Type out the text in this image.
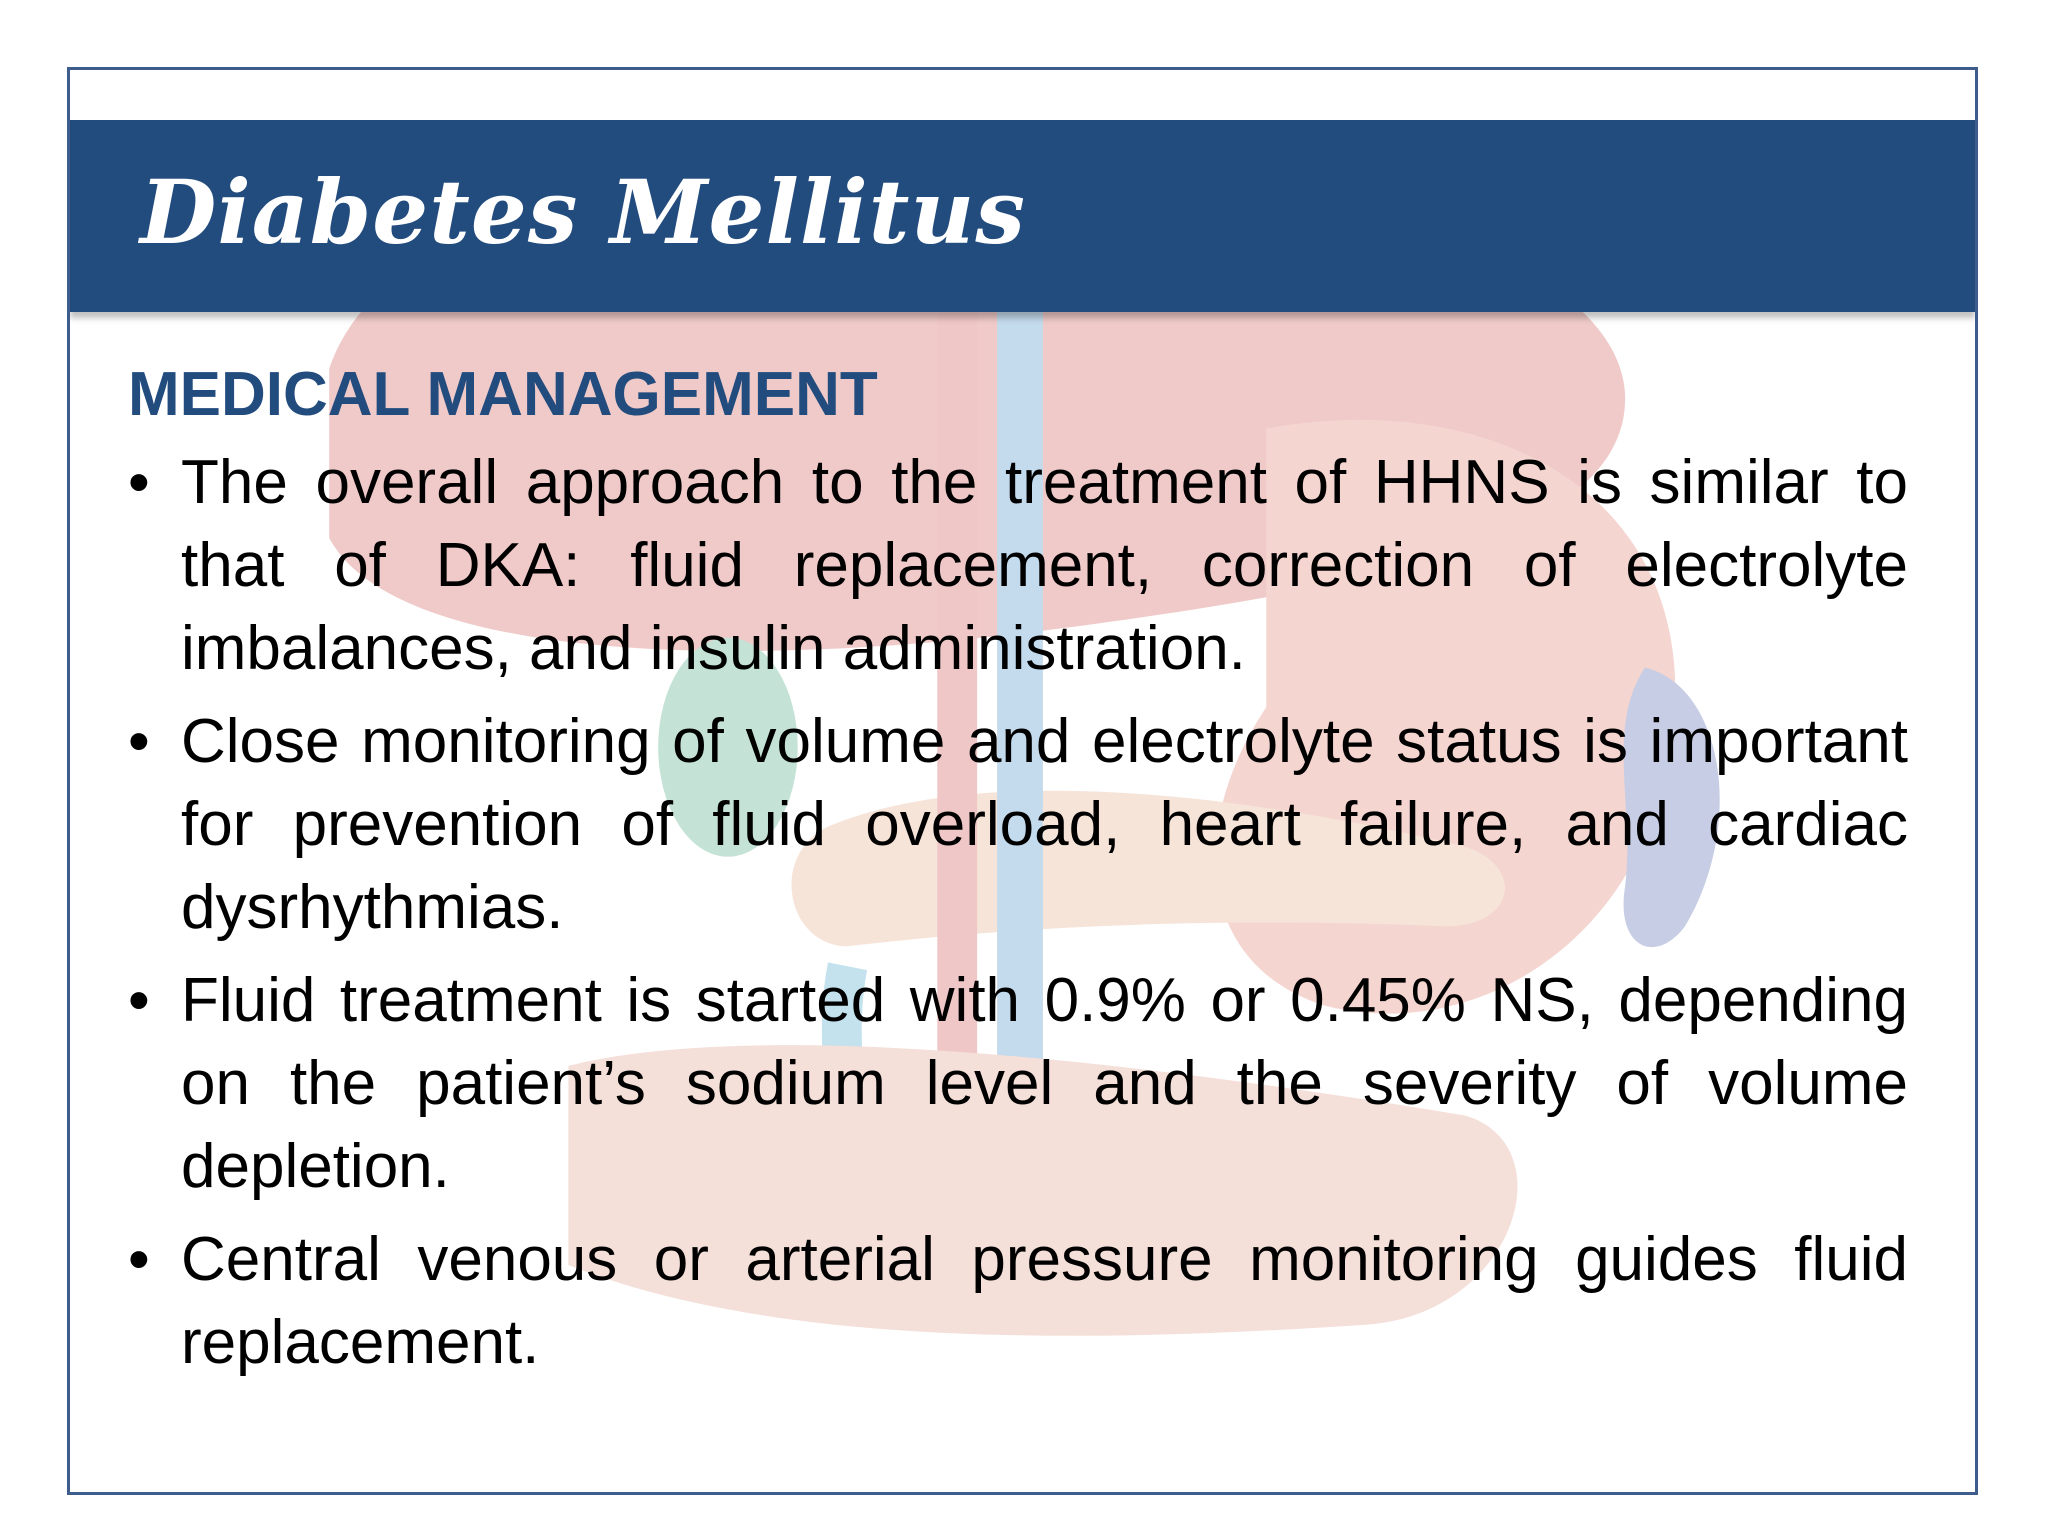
Diabetes Mellitus
MEDICAL MANAGEMENT
• The overall approach to the treatment of HHNS is similar to that of DKA: fluid replacement, correction of electrolyte imbalances, and insulin administration.
• Close monitoring of volume and electrolyte status is important for prevention of fluid overload, heart failure, and cardiac dysrhythmias.
• Fluid treatment is started with 0.9% or 0.45% NS, depending on the patient’s sodium level and the severity of volume depletion.
• Central venous or arterial pressure monitoring guides fluid replacement.
